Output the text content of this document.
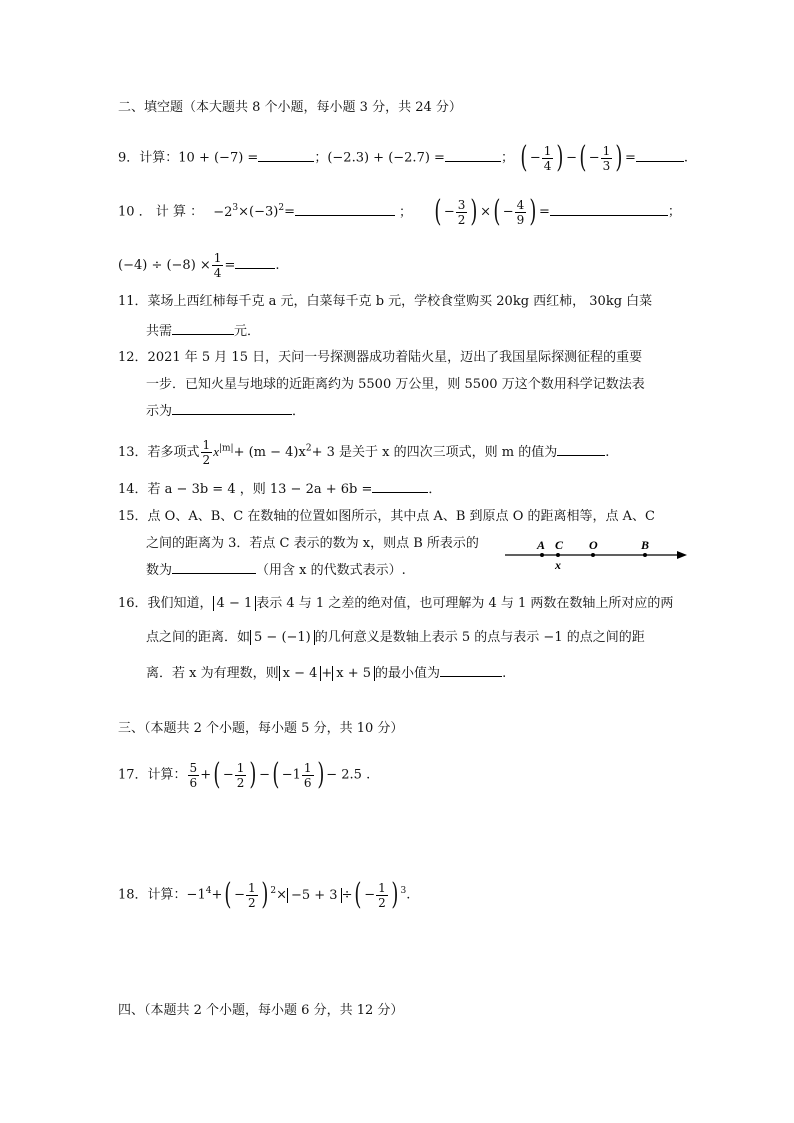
二、填空题（本大题共 8 个小题，每小题 3 分，共 24 分）
9．计算：10 + (−7) =	；(−2.3) + (−2.7) =	； ( − $\frac{1}{4}$ ) −( − $\frac{1}{3}$ ) =	.
10 ． 计 算 ： $-2^3\times(-3)^2=$	； ( − $\frac{3}{2}$ ) ×( − $\frac{4}{9}$ ) =	；
$(-4) \div (-8) \times \frac{1}{4}$ =	.
11．菜场上西红柿每千克 a 元，白菜每千克 b 元，学校食堂购买 20kg 西红柿， 30kg 白菜
共需	元．
12．2021 年 5 月 15 日，天问一号探测器成功着陆火星，迈出了我国星际探测征程的重要
一步．已知火星与地球的近距离约为 5500 万公里，则 5500 万这个数用科学记数法表
示为	．
13．若多项式 $\frac{1}{2} x^{|m|}+ (m - 4)x^2+ 3$ 是关于 x 的四次三项式，则 m 的值为	.
14．若 a − 3b = 4 ，则 13 − 2a + 6b =	．
15．点 O、A、B、C 在数轴的位置如图所示，其中点 A、B 到原点 O 的距离相等，点 A、C
之间的距离为 3．若点 C 表示的数为 x，则点 B 所表示的
数为	（用含 x 的代数式表示）.
A C O	B
x
16．我们知道， 4 − 1 表示 4 与 1 之差的绝对值，也可理解为 4 与 1 两数在数轴上所对应的两
点之间的距离．如 5 − (−1) 的几何意义是数轴上表示 5 的点与表示 −1 的点之间的距
离．若 x 为有理数，则 x − 4 + x + 5 的最小值为	.
三、（本题共 2 个小题，每小题 5 分，共 10 分）
17．计算： $\frac{5}{6}$ +( − $\frac{1}{2}$ ) −( $-1 \frac{1}{6}$ ) − 2.5 .
18．计算：$-1^4+( - \frac{1}{2}$ ) $^2$× −5 + 3 ÷( − $\frac{1}{2}$ ) $^3$.
四、（本题共 2 个小题，每小题 6 分，共 12 分）
